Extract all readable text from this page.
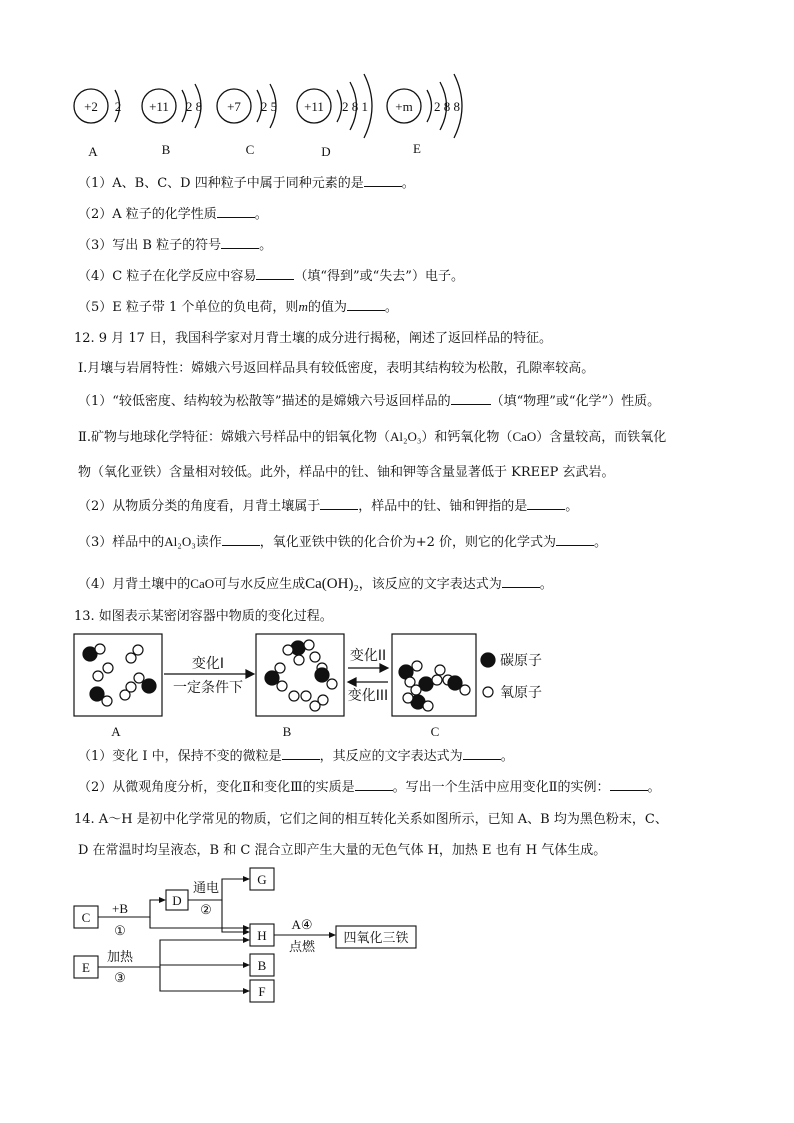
+2 2 +11 2 8 +7 2 5 +11 2 8 1 +m 2 8 8
A	B	C	D	E
（1）A、B、C、D 四种粒子中属于同种元素的是	。
（2）A 粒子的化学性质	。
（3）写出 B 粒子的符号	。
（4）C 粒子在化学反应中容易	（填“得到”或“失去”）电子。
（5）E 粒子带 1 个单位的负电荷，则m的值为	。
12. 9 月 17 日，我国科学家对月背土壤的成分进行揭秘，阐述了返回样品的特征。
Ⅰ.月壤与岩屑特性：嫦娥六号返回样品具有较低密度，表明其结构较为松散，孔隙率较高。
（1）“较低密度、结构较为松散等”描述的是嫦娥六号返回样品的	（填“物理”或“化学”）性质。
Ⅱ.矿物与地球化学特征：嫦娥六号样品中的铝氧化物（Al₂O₃）和钙氧化物（CaO）含量较高，而铁氧化
物（氧化亚铁）含量相对较低。此外，样品中的钍、铀和钾等含量显著低于 KREEP 玄武岩。
（2）从物质分类的角度看，月背土壤属于	，样品中的钍、铀和钾指的是	。
（3）样品中的Al₂O₃读作	，氧化亚铁中铁的化合价为+2 价，则它的化学式为	。
（4）月背土壤中的CaO可与水反应生成Ca(OH)₂，该反应的文字表达式为	。
13. 如图表示某密闭容器中物质的变化过程。
变化I
一定条件下
变化II
变化III
碳原子
氧原子
A	B	C
（1）变化 I 中，保持不变的微粒是	，其反应的文字表达式为	。
（2）从微观角度分析，变化Ⅱ和变化Ⅲ的实质是	。写出一个生活中应用变化Ⅱ的实例：	。
14. A～H 是初中化学常见的物质，它们之间的相互转化关系如图所示，已知 A、B 均为黑色粉末，C、
D 在常温时均呈液态，B 和 C 混合立即产生大量的无色气体 H，加热 E 也有 H 气体生成。
C
D
G
H
E	B
F
四氧化三铁
+B
①
通电
②
加热
③
A④
点燃
